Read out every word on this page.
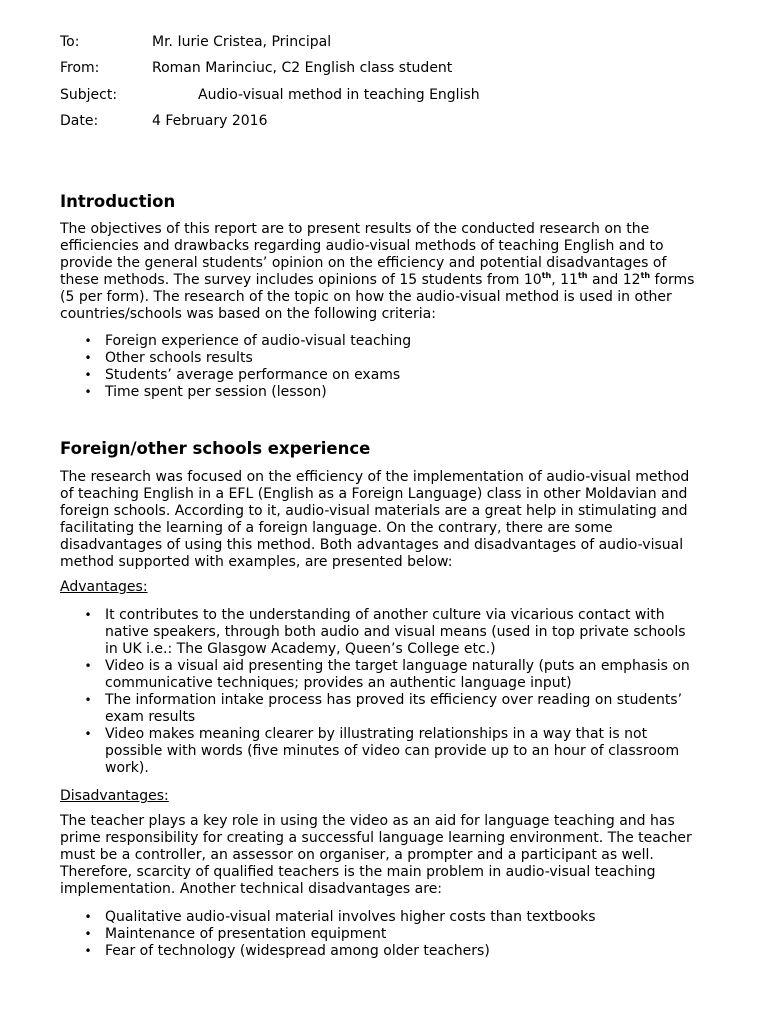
To:	Mr. Iurie Cristea, Principal
From:	Roman Marinciuc, C2 English class student
Subject:	Audio-visual method in teaching English
Date:	4 February 2016
Introduction
The objectives of this report are to present results of the conducted research on the
efficiencies and drawbacks regarding audio-visual methods of teaching English and to
provide the general students’ opinion on the efficiency and potential disadvantages of
these methods. The survey includes opinions of 15 students from 10th, 11th and 12th forms
(5 per form). The research of the topic on how the audio-visual method is used in other
countries/schools was based on the following criteria:
• Foreign experience of audio-visual teaching
• Other schools results
• Students’ average performance on exams
• Time spent per session (lesson)
Foreign/other schools experience
The research was focused on the efficiency of the implementation of audio-visual method
of teaching English in a EFL (English as a Foreign Language) class in other Moldavian and
foreign schools. According to it, audio-visual materials are a great help in stimulating and
facilitating the learning of a foreign language. On the contrary, there are some
disadvantages of using this method. Both advantages and disadvantages of audio-visual
method supported with examples, are presented below:
Advantages:
• It contributes to the understanding of another culture via vicarious contact with
native speakers, through both audio and visual means (used in top private schools
in UK i.e.: The Glasgow Academy, Queen’s College etc.)
• Video is a visual aid presenting the target language naturally (puts an emphasis on
communicative techniques; provides an authentic language input)
• The information intake process has proved its efficiency over reading on students’
exam results
• Video makes meaning clearer by illustrating relationships in a way that is not
possible with words (five minutes of video can provide up to an hour of classroom
work).
Disadvantages:
The teacher plays a key role in using the video as an aid for language teaching and has
prime responsibility for creating a successful language learning environment. The teacher
must be a controller, an assessor on organiser, a prompter and a participant as well.
Therefore, scarcity of qualified teachers is the main problem in audio-visual teaching
implementation. Another technical disadvantages are:
• Qualitative audio-visual material involves higher costs than textbooks
• Maintenance of presentation equipment
• Fear of technology (widespread among older teachers)
